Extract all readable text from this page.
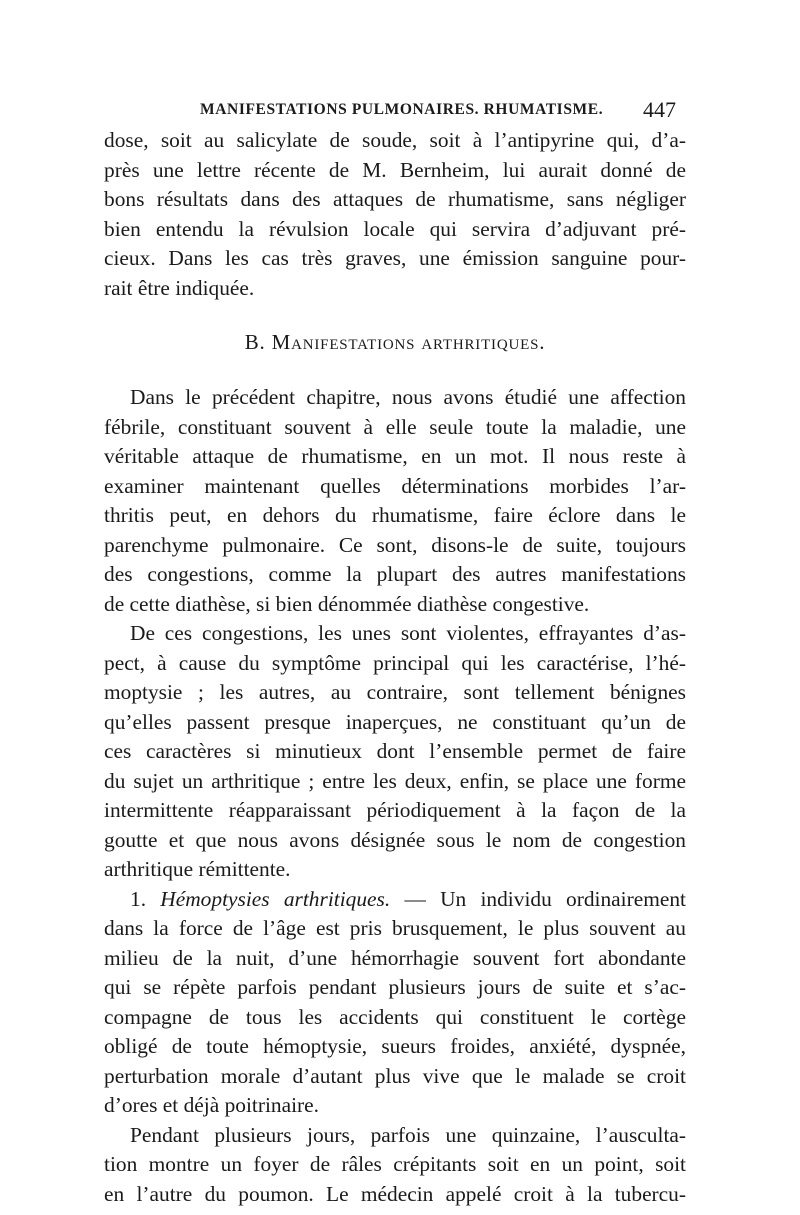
MANIFESTATIONS PULMONAIRES. RHUMATISME. 447
dose, soit au salicylate de soude, soit à l’antipyrine qui, d’a-
près une lettre récente de M. Bernheim, lui aurait donné de
bons résultats dans des attaques de rhumatisme, sans négliger
bien entendu la révulsion locale qui servira d’adjuvant pré-
cieux. Dans les cas très graves, une émission sanguine pour-
rait être indiquée.
B. Manifestations arthritiques.
Dans le précédent chapitre, nous avons étudié une affection
fébrile, constituant souvent à elle seule toute la maladie, une
véritable attaque de rhumatisme, en un mot. Il nous reste à
examiner maintenant quelles déterminations morbides l’ar-
thritis peut, en dehors du rhumatisme, faire éclore dans le
parenchyme pulmonaire. Ce sont, disons-le de suite, toujours
des congestions, comme la plupart des autres manifestations
de cette diathèse, si bien dénommée diathèse congestive.
De ces congestions, les unes sont violentes, effrayantes d’as-
pect, à cause du symptôme principal qui les caractérise, l’hé-
moptysie ; les autres, au contraire, sont tellement bénignes
qu’elles passent presque inaperçues, ne constituant qu’un de
ces caractères si minutieux dont l’ensemble permet de faire
du sujet un arthritique ; entre les deux, enfin, se place une forme
intermittente réapparaissant périodiquement à la façon de la
goutte et que nous avons désignée sous le nom de congestion
arthritique rémittente.
1. Hémoptysies arthritiques. — Un individu ordinairement
dans la force de l’âge est pris brusquement, le plus souvent au
milieu de la nuit, d’une hémorrhagie souvent fort abondante
qui se répète parfois pendant plusieurs jours de suite et s’ac-
compagne de tous les accidents qui constituent le cortège
obligé de toute hémoptysie, sueurs froides, anxiété, dyspnée,
perturbation morale d’autant plus vive que le malade se croit
d’ores et déjà poitrinaire.
Pendant plusieurs jours, parfois une quinzaine, l’ausculta-
tion montre un foyer de râles crépitants soit en un point, soit
en l’autre du poumon. Le médecin appelé croit à la tubercu-
